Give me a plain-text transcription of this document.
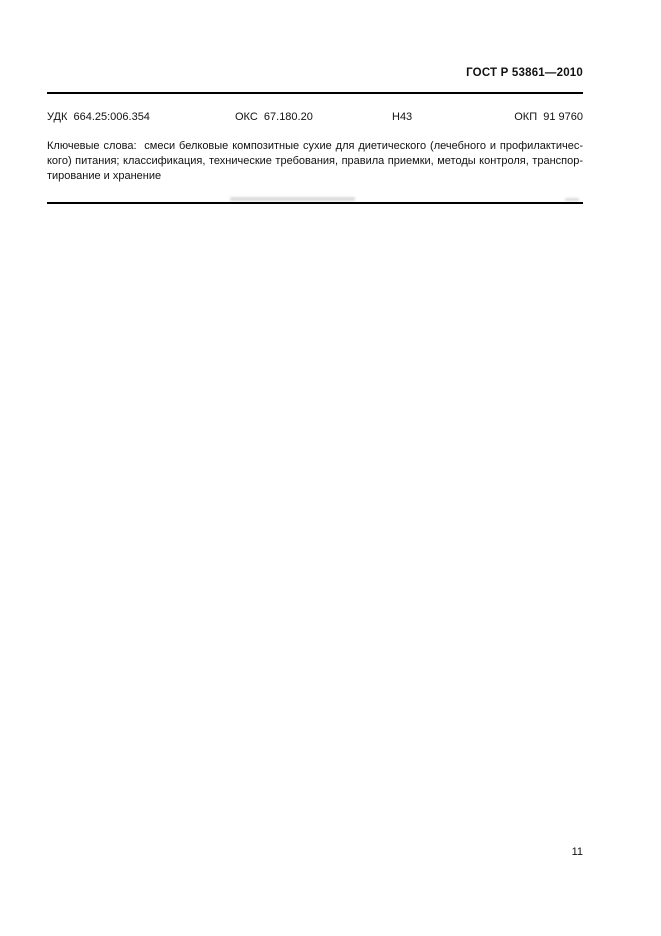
ГОСТ Р 53861—2010
УДК  664.25:006.354	ОКС  67.180.20	Н43	ОКП  91 9760
Ключевые слова:  смеси белковые композитные сухие для диетического (лечебного и профилактичес-
кого) питания; классификация, технические требования, правила приемки, методы контроля, транспор-
тирование и хранение
11
